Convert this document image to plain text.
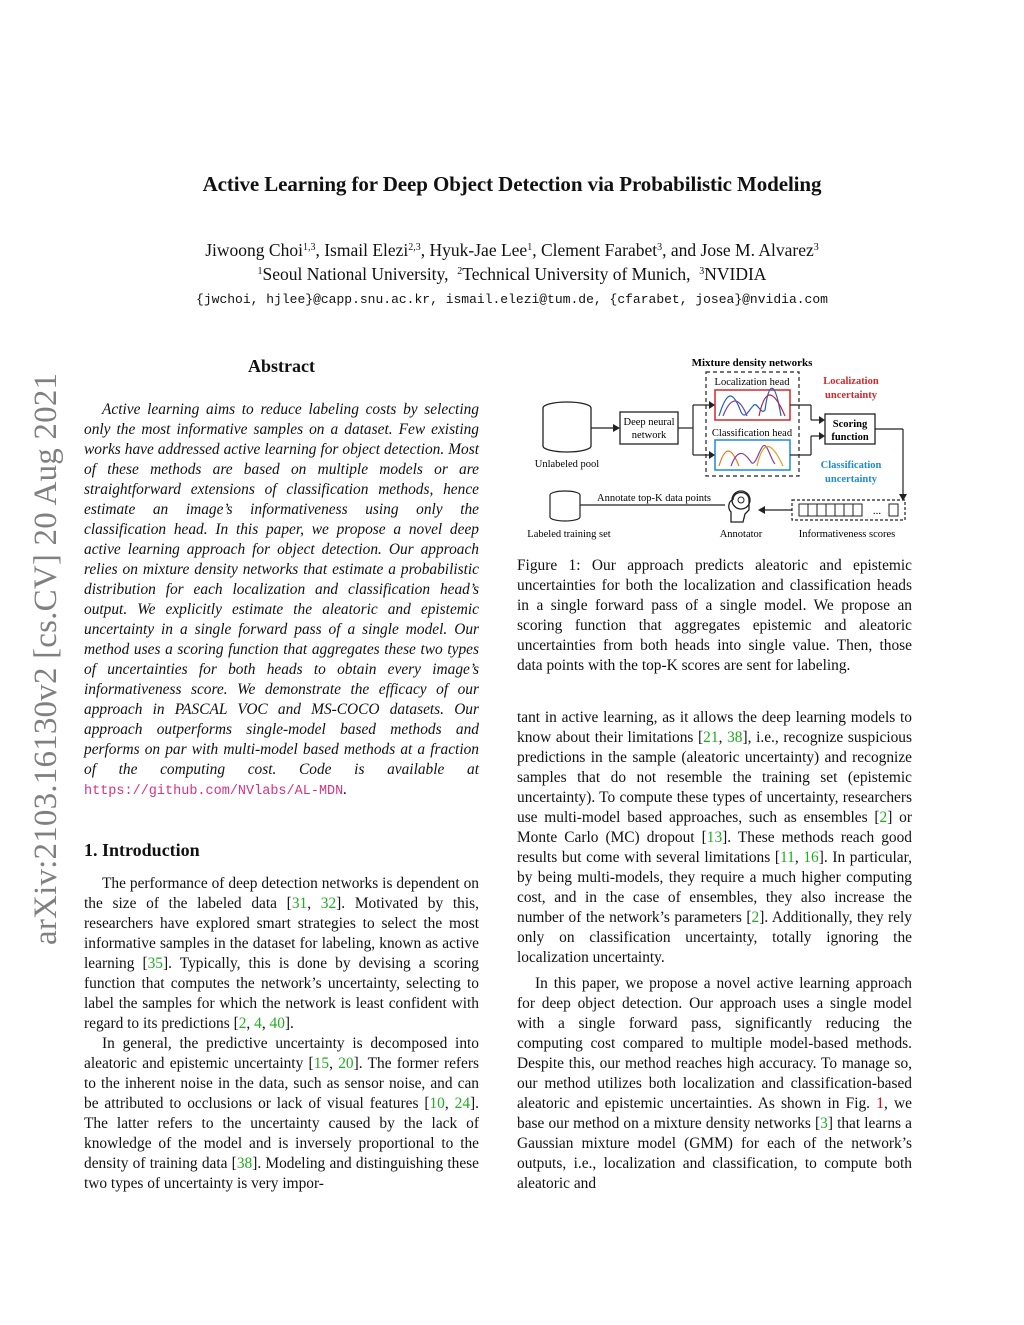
Active Learning for Deep Object Detection via Probabilistic Modeling
Jiwoong Choi$^{1,3}$, Ismail Elezi$^{2,3}$, Hyuk-Jae Lee$^1$, Clement Farabet$^3$, and Jose M. Alvarez$^3$
$^1$Seoul National University, $^2$Technical University of Munich, $^3$NVIDIA
{jwchoi, hjlee}@capp.snu.ac.kr, ismail.elezi@tum.de, {cfarabet, josea}@nvidia.com
arXiv:2103.16130v2 [cs.CV] 20 Aug 2021
Abstract

Active learning aims to reduce labeling costs by selecting only the most informative samples on a dataset. Few existing works have addressed active learning for object detection. Most of these methods are based on multiple models or are straightforward extensions of classification methods, hence estimate an image’s informativeness using only the classification head. In this paper, we propose a novel deep active learning approach for object detection. Our approach relies on mixture density networks that estimate a probabilistic distribution for each localization and classification head’s output. We explicitly estimate the aleatoric and epistemic uncertainty in a single forward pass of a single model. Our method uses a scoring function that aggregates these two types of uncertainties for both heads to obtain every image’s informativeness score. We demonstrate the efficacy of our approach in PASCAL VOC and MS-COCO datasets. Our approach outperforms single-model based methods and performs on par with multi-model based methods at a fraction of the computing cost. Code is available at https://github.com/NVlabs/AL-MDN.

1. Introduction

The performance of deep detection networks is dependent on the size of the labeled data [31, 32]. Motivated by this, researchers have explored smart strategies to select the most informative samples in the dataset for labeling, known as active learning [35]. Typically, this is done by devising a scoring function that computes the network’s uncertainty, selecting to label the samples for which the network is least confident with regard to its predictions [2, 4, 40].

In general, the predictive uncertainty is decomposed into aleatoric and epistemic uncertainty [15, 20]. The former refers to the inherent noise in the data, such as sensor noise, and can be attributed to occlusions or lack of visual features [10, 24]. The latter refers to the uncertainty caused by the lack of knowledge of the model and is inversely proportional to the density of training data [38]. Modeling and distinguishing these two types of uncertainty is very impor-

Mixture density networks
Localization head
Classification head
Unlabeled pool
Deep neural
network
Localization
uncertainty
Classification
uncertainty
Scoring
function
...
Informativeness scores
Annotator
Annotate top-K data points
Labeled training set

Figure 1: Our approach predicts aleatoric and epistemic uncertainties for both the localization and classification heads in a single forward pass of a single model. We propose an scoring function that aggregates epistemic and aleatoric uncertainties from both heads into single value. Then, those data points with the top-K scores are sent for labeling.

tant in active learning, as it allows the deep learning models to know about their limitations [21, 38], i.e., recognize suspicious predictions in the sample (aleatoric uncertainty) and recognize samples that do not resemble the training set (epistemic uncertainty). To compute these types of uncertainty, researchers use multi-model based approaches, such as ensembles [2] or Monte Carlo (MC) dropout [13]. These methods reach good results but come with several limitations [11, 16]. In particular, by being multi-models, they require a much higher computing cost, and in the case of ensembles, they also increase the number of the network’s parameters [2]. Additionally, they rely only on classification uncertainty, totally ignoring the localization uncertainty.

In this paper, we propose a novel active learning approach for deep object detection. Our approach uses a single model with a single forward pass, significantly reducing the computing cost compared to multiple model-based methods. Despite this, our method reaches high accuracy. To manage so, our method utilizes both localization and classification-based aleatoric and epistemic uncertainties. As shown in Fig. 1, we base our method on a mixture density networks [3] that learns a Gaussian mixture model (GMM) for each of the network’s outputs, i.e., localization and classification, to compute both aleatoric and
